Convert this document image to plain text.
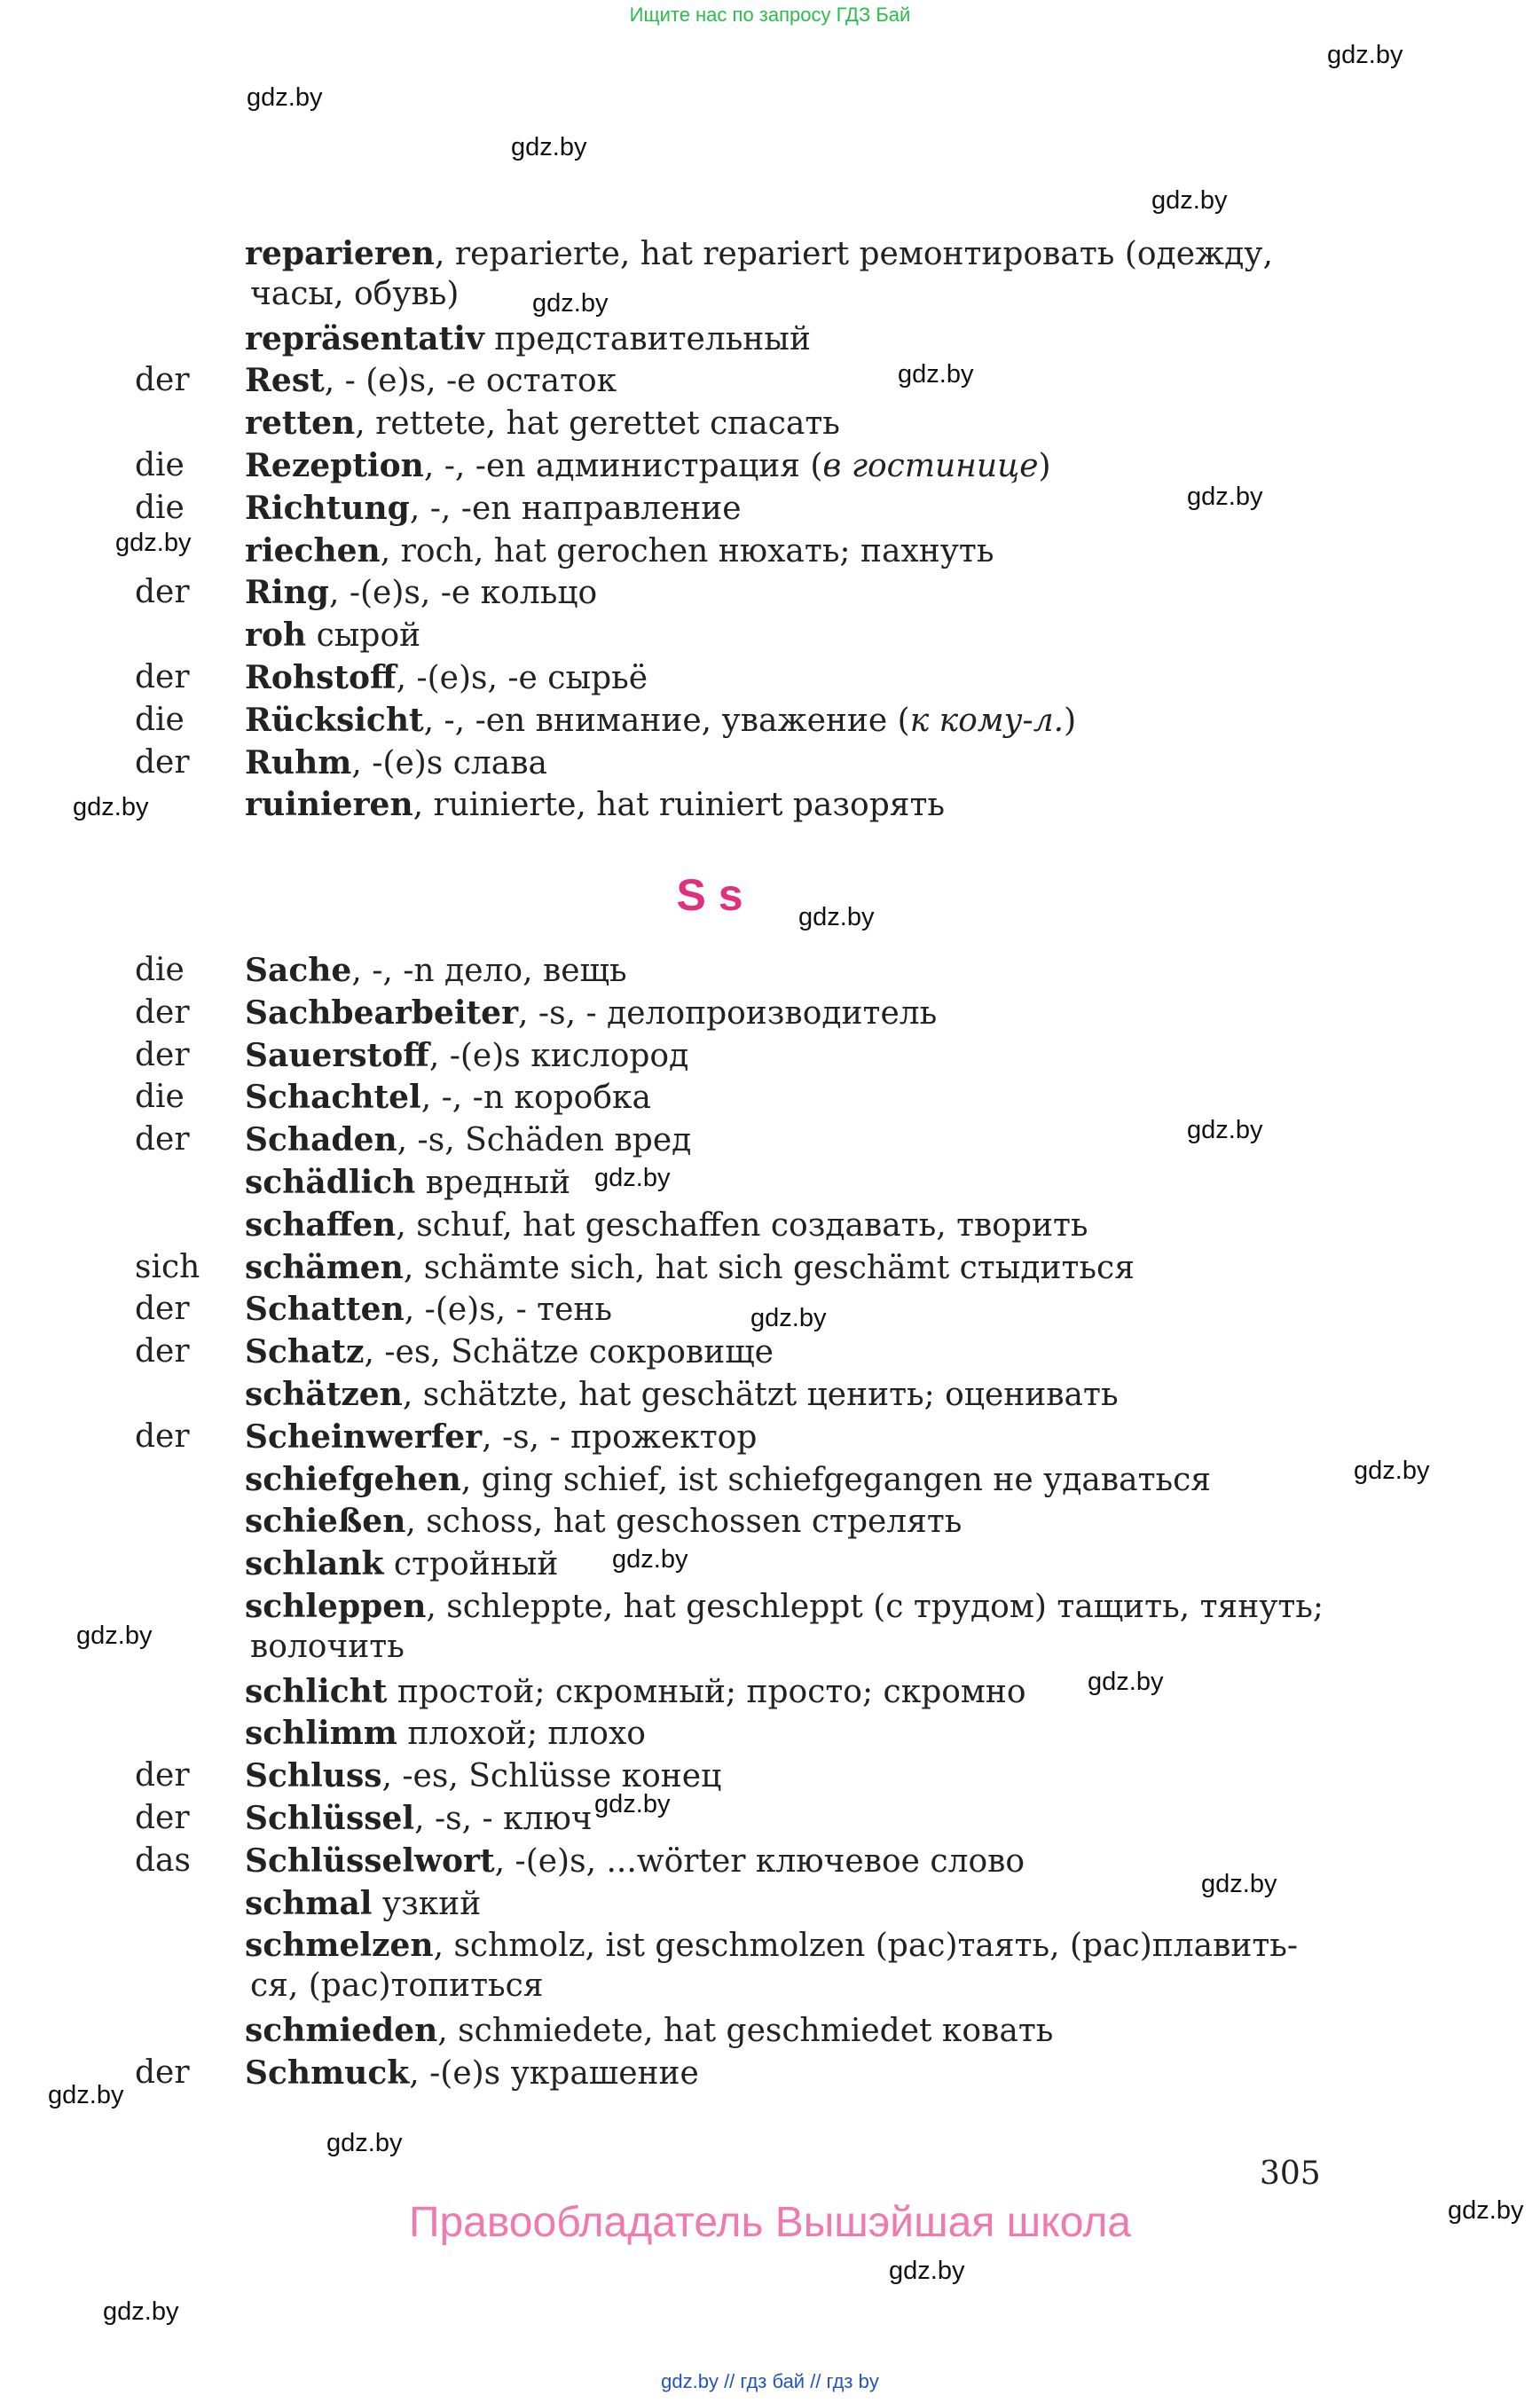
Ищите нас по запросу ГДЗ Бай
gdz.by
gdz.by
gdz.by
gdz.by
gdz.by
gdz.by
gdz.by
gdz.by
gdz.by
gdz.by
gdz.by
gdz.by
gdz.by
gdz.by
gdz.by
gdz.by
gdz.by
gdz.by
gdz.by
gdz.by
gdz.by
gdz.by
gdz.by
gdz.by
reparieren, reparierte, hat repariert ремонтировать (одежду,
часы, обувь)
repräsentativ представительный
der Rest, - (e)s, -e остаток
retten, rettete, hat gerettet спасать
die Rezeption, -, -en администрация (в гостинице)
die Richtung, -, -en направление
riechen, roch, hat gerochen нюхать; пахнуть
der Ring, -(e)s, -e кольцо
roh сырой
der Rohstoff, -(e)s, -e сырьё
die Rücksicht, -, -en внимание, уважение (к кому-л.)
der Ruhm, -(e)s слава
ruinieren, ruinierte, hat ruiniert разорять
die Sache, -, -n дело, вещь
der Sachbearbeiter, -s, - делопроизводитель
der Sauerstoff, -(e)s кислород
die Schachtel, -, -n коробка
der Schaden, -s, Schäden вред
schädlich вредный
schaffen, schuf, hat geschaffen создавать, творить
sich schämen, schämte sich, hat sich geschämt стыдиться
der Schatten, -(e)s, - тень
der Schatz, -es, Schätze сокровище
schätzen, schätzte, hat geschätzt ценить; оценивать
der Scheinwerfer, -s, - прожектор
schiefgehen, ging schief, ist schiefgegangen не удаваться
schießen, schoss, hat geschossen стрелять
schlank стройный
schleppen, schleppte, hat geschleppt (с трудом) тащить, тянуть;
волочить
schlicht простой; скромный; просто; скромно
schlimm плохой; плохо
der Schluss, -es, Schlüsse конец
der Schlüssel, -s, - ключ
das Schlüsselwort, -(e)s, ...wörter ключевое слово
schmal узкий
schmelzen, schmolz, ist geschmolzen (рас)таять, (рас)плавить-
ся, (рас)топиться
schmieden, schmiedete, hat geschmiedet ковать
der Schmuck, -(e)s украшение
S s
305
Правообладатель Вышэйшая школа
gdz.by // гдз бай // гдз by
